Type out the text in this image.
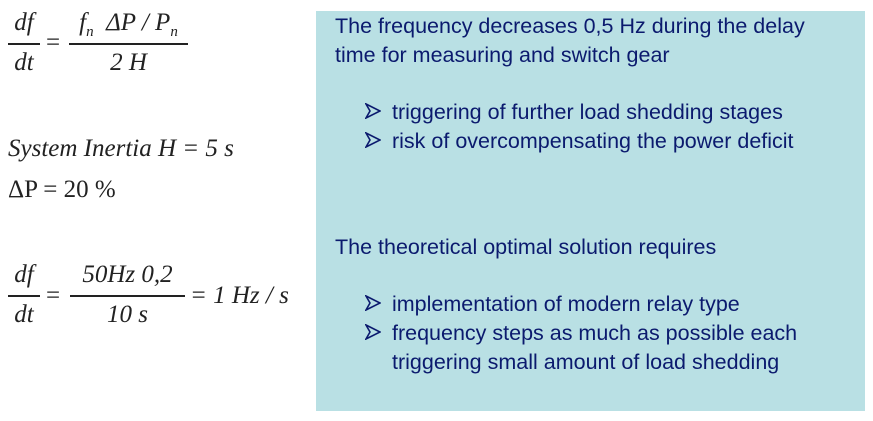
df
dt
=
$f_n$ ΔP / $P_n$
2 H
System Inertia H = 5 s
ΔP = 20 %
df
dt
=
50Hz 0,2
10 s
= 1 Hz / s
The frequency decreases 0,5 Hz during the delay
time for measuring and switch gear
triggering of further load shedding stages
risk of overcompensating the power deficit
The theoretical optimal solution requires
implementation of modern relay type
frequency steps as much as possible each
triggering small amount of load shedding
